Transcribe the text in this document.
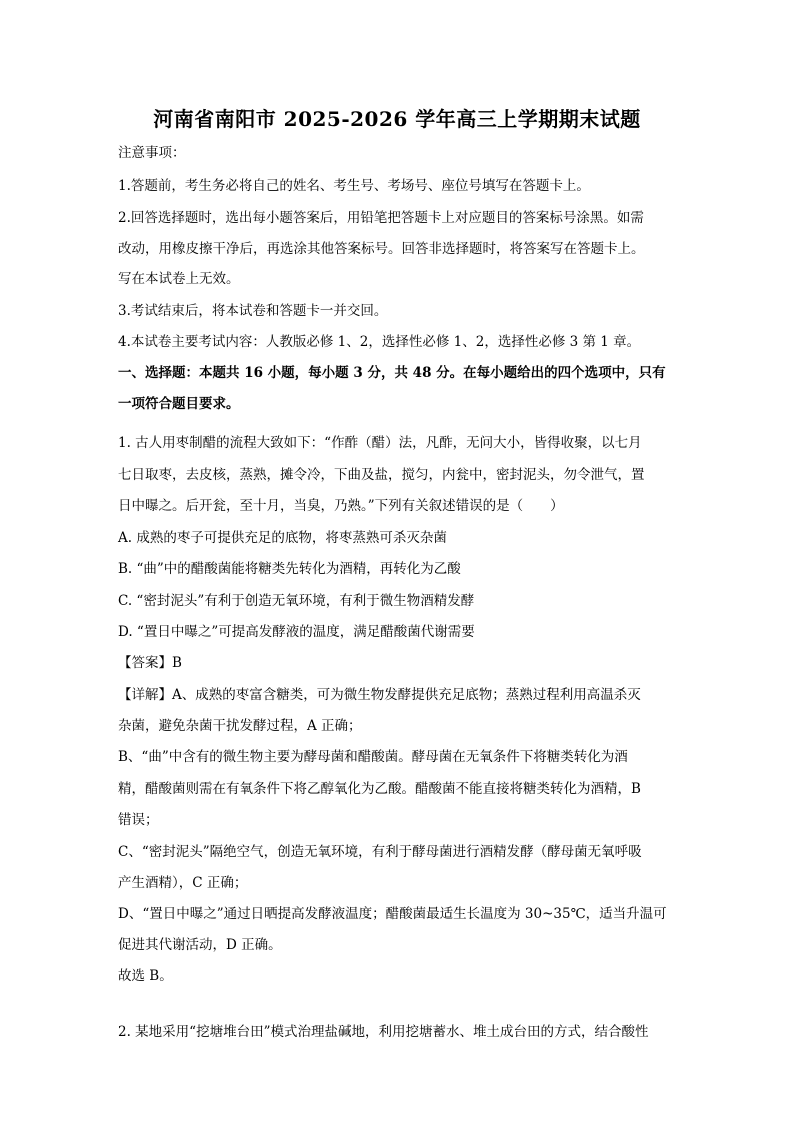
河南省南阳市 2025-2026 学年高三上学期期末试题
注意事项：
1.答题前，考生务必将自己的姓名、考生号、考场号、座位号填写在答题卡上。
2.回答选择题时，选出每小题答案后，用铅笔把答题卡上对应题目的答案标号涂黑。如需
改动，用橡皮擦干净后，再选涂其他答案标号。回答非选择题时，将答案写在答题卡上。
写在本试卷上无效。
3.考试结束后，将本试卷和答题卡一并交回。
4.本试卷主要考试内容：人教版必修 1、2，选择性必修 1、2，选择性必修 3 第 1 章。
一、选择题：本题共 16 小题，每小题 3 分，共 48 分。在每小题给出的四个选项中，只有
一项符合题目要求。
1. 古人用枣制醋的流程大致如下：“作酢（醋）法，凡酢，无问大小，皆得收聚，以七月
七日取枣，去皮核，蒸熟，摊令冷，下曲及盐，搅匀，内瓮中，密封泥头，勿令泄气，置
日中曝之。后开瓮，至十月，当臭，乃熟。”下列有关叙述错误的是（　　）
A. 成熟的枣子可提供充足的底物，将枣蒸熟可杀灭杂菌
B. “曲”中的醋酸菌能将糖类先转化为酒精，再转化为乙酸
C. “密封泥头”有利于创造无氧环境，有利于微生物酒精发酵
D. “置日中曝之”可提高发酵液的温度，满足醋酸菌代谢需要
【答案】B
【详解】A、成熟的枣富含糖类，可为微生物发酵提供充足底物；蒸熟过程利用高温杀灭
杂菌，避免杂菌干扰发酵过程，A 正确；
B、“曲”中含有的微生物主要为酵母菌和醋酸菌。酵母菌在无氧条件下将糖类转化为酒
精，醋酸菌则需在有氧条件下将乙醇氧化为乙酸。醋酸菌不能直接将糖类转化为酒精，B
错误；
C、“密封泥头”隔绝空气，创造无氧环境，有利于酵母菌进行酒精发酵（酵母菌无氧呼吸
产生酒精），C 正确；
D、“置日中曝之”通过日晒提高发酵液温度；醋酸菌最适生长温度为 30~35℃，适当升温可
促进其代谢活动，D 正确。
故选 B。
2. 某地采用“挖塘堆台田”模式治理盐碱地，利用挖塘蓄水、堆土成台田的方式，结合酸性
